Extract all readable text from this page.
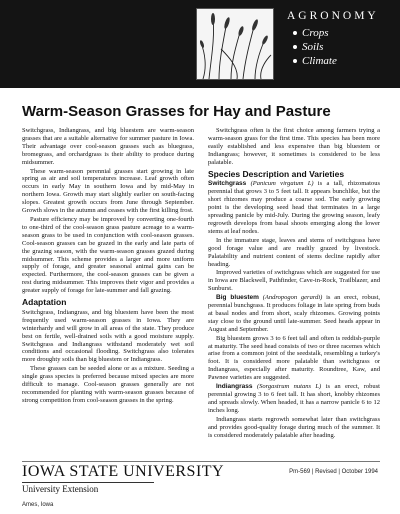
AGRONOMY
Crops
Soils
Climate
Warm-Season Grasses for Hay and Pasture

Switchgrass, Indiangrass, and big bluestem are warm-season grasses that are a suitable alternative for summer pasture in Iowa. Their advantage over cool-season grasses such as bluegrass, bromegrass, and orchardgrass is their ability to produce during midsummer.

These warm-season perennial grasses start growing in late spring as air and soil temperatures increase. Leaf growth often occurs in early May in southern Iowa and by mid-May in northern Iowa. Growth may start slightly earlier on south-facing slopes. Greatest growth occurs from June through September. Growth slows in the autumn and ceases with the first killing frost.

Pasture efficiency may be improved by converting one-fourth to one-third of the cool-season grass pasture acreage to a warm-season grass to be used in conjunction with cool-season grasses. Cool-season grasses can be grazed in the early and late parts of the grazing season, with the warm-season grasses grazed during midsummer. This scheme provides a larger and more uniform supply of forage, and greater seasonal animal gains can be expected. Furthermore, the cool-season grasses can be given a rest during midsummer. This improves their vigor and provides a greater supply of forage for late-summer and fall grazing.

Adaptation

Switchgrass, Indiangrass, and big bluestem have been the most frequently used warm-season grasses in Iowa. They are winterhardy and will grow in all areas of the state. They produce best on fertile, well-drained soils with a good moisture supply. Switchgrass and Indiangrass withstand moderately wet soil conditions and occasional flooding. Switchgrass also tolerates more droughty soils than big bluestem or Indiangrass.

These grasses can be seeded alone or as a mixture. Seeding a single grass species is preferred because mixed species are more difficult to manage. Cool-season grasses generally are not recommended for planting with warm-season grasses because of strong competition from cool-season grasses in the spring.

Switchgrass often is the first choice among farmers trying a warm-season grass for the first time. This species has been more easily established and less expensive than big bluestem or Indiangrass; however, it sometimes is considered to be less palatable.

Species Description and Varieties

Switchgrass (Panicum virgatum L) is a tall, rhizomatous perennial that grows 3 to 5 feet tall. It appears bunchlike, but the short rhizomes may produce a coarse sod. The early growing point is the developing seed head that terminates in a large spreading panicle by mid-July. During the growing season, leafy regrowth develops from basal shoots emerging along the lower stems at leaf nodes.

In the immature stage, leaves and stems of switchgrass have good forage value and are readily grazed by livestock. Palatability and nutrient content of stems decline rapidly after heading.

Improved varieties of switchgrass which are suggested for use in Iowa are Blackwell, Pathfinder, Cave-in-Rock, Trailblazer, and Sunburst.

Big bluestem (Andropogon gerardi) is an erect, robust, perennial bunchgrass. It produces foliage in late spring from buds at basal nodes and from short, scaly rhizomes. Growing points stay close to the ground until late-summer. Seed heads appear in August and September.

Big bluestem grows 3 to 6 feet tall and often is reddish-purple at maturity. The seed head consists of two or three racemes which arise from a common joint of the seedstalk, resembling a turkey's foot. It is considered more palatable than switchgrass or Indiangrass, especially after maturity. Roundtree, Kaw, and Pawnee varieties are suggested.

Indiangrass (Sorgastrum nutans L) is an erect, robust perennial growing 3 to 6 feet tall. It has short, knobby rhizomes and spreads slowly. When headed, it has a narrow panicle 6 to 12 inches long.

Indiangrass starts regrowth somewhat later than switchgrass and provides good-quality forage during much of the summer. It is considered moderately palatable after heading.

IOWA STATE UNIVERSITY
University Extension
Ames, Iowa
Pm-569 | Revised | October 1994
